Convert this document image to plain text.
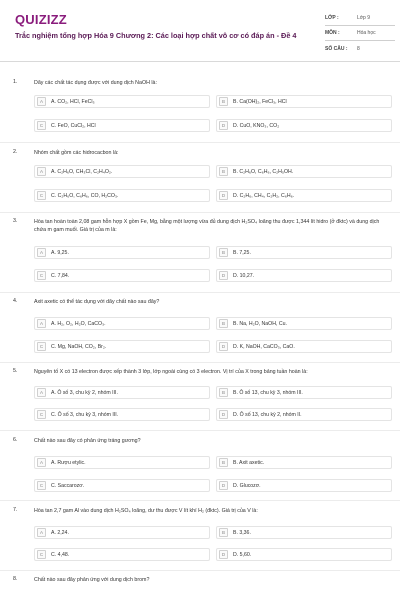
QUIZIZZ
Trắc nghiệm tổng hợp Hóa 9 Chương 2: Các loại hợp chất vô cơ có đáp án - Đề 4
LỚP :	Lớp 9
MÔN :	Hóa học
SỐ CÂU :	8
1.	Dãy các chất tác dụng được với dung dịch NaOH là:
A	A. CO₂, HCl, FeCl₃	B	B. Ca(OH)₂, FeCl₃, HCl
C	C. FeO, CuCl₂, HCl	D	D. CuO, KNO₃, CO₂
2.	Nhóm chất gồm các hidrocacbon là:
A	A. C₂H₆O, CH₃Cl, C₂H₄O₂.	B	B. C₂H₆O, C₆H₆, C₂H₅OH.
C	C. C₂H₆O, C₆H₆, CO, H₂CO₃.	D	D. C₂H₆, CH₄, C₂H₂, C₆H₆.
3.	Hòa tan hoàn toàn 2,08 gam hỗn hợp X gồm Fe, Mg, bằng một lượng vừa đủ dung dịch H₂SO₄ loãng thu được 1,344 lít hidro (ở đktc) và dung dịch chứa m gam muối. Giá trị của m là:
A	A. 9,25.	B	B. 7,25.
C	C. 7,84.	D	D. 10,27.
4.	Axit axetic có thể tác dụng với dãy chất nào sau đây?
A	A. H₂, O₂, H₂O, CaCO₃.	B	B. Na, H₂O, NaOH, Cu.
C	C. Mg, NaOH, CO₂, Br₂.	D	D. K, NaOH, CaCO₃, CaO.
5.	Nguyên tố X có 13 electron được xếp thành 3 lớp, lớp ngoài cùng có 3 electron. Vị trí của X trong bảng tuần hoàn là:
A	A. Ô số 3, chu kỳ 2, nhóm III.	B	B. Ô số 13, chu kỳ 3, nhóm III.
C	C. Ô số 3, chu kỳ 3, nhóm III.	D	D. Ô số 13, chu kỳ 2, nhóm II.
6.	Chất nào sau đây có phản ứng tráng gương?
A	A. Rượu etylic.	B	B. Axit axetic.
C	C. Saccarozơ.	D	D. Glucozơ.
7.	Hòa tan 2,7 gam Al vào dung dịch H₂SO₄ loãng, dư thu được V lít khí H₂ (đktc). Giá trị của V là:
A	A. 2,24.	B	B. 3,36.
C	C. 4,48.	D	D. 5,60.
8.	Chất nào sau đây phản ứng với dung dịch brom?
